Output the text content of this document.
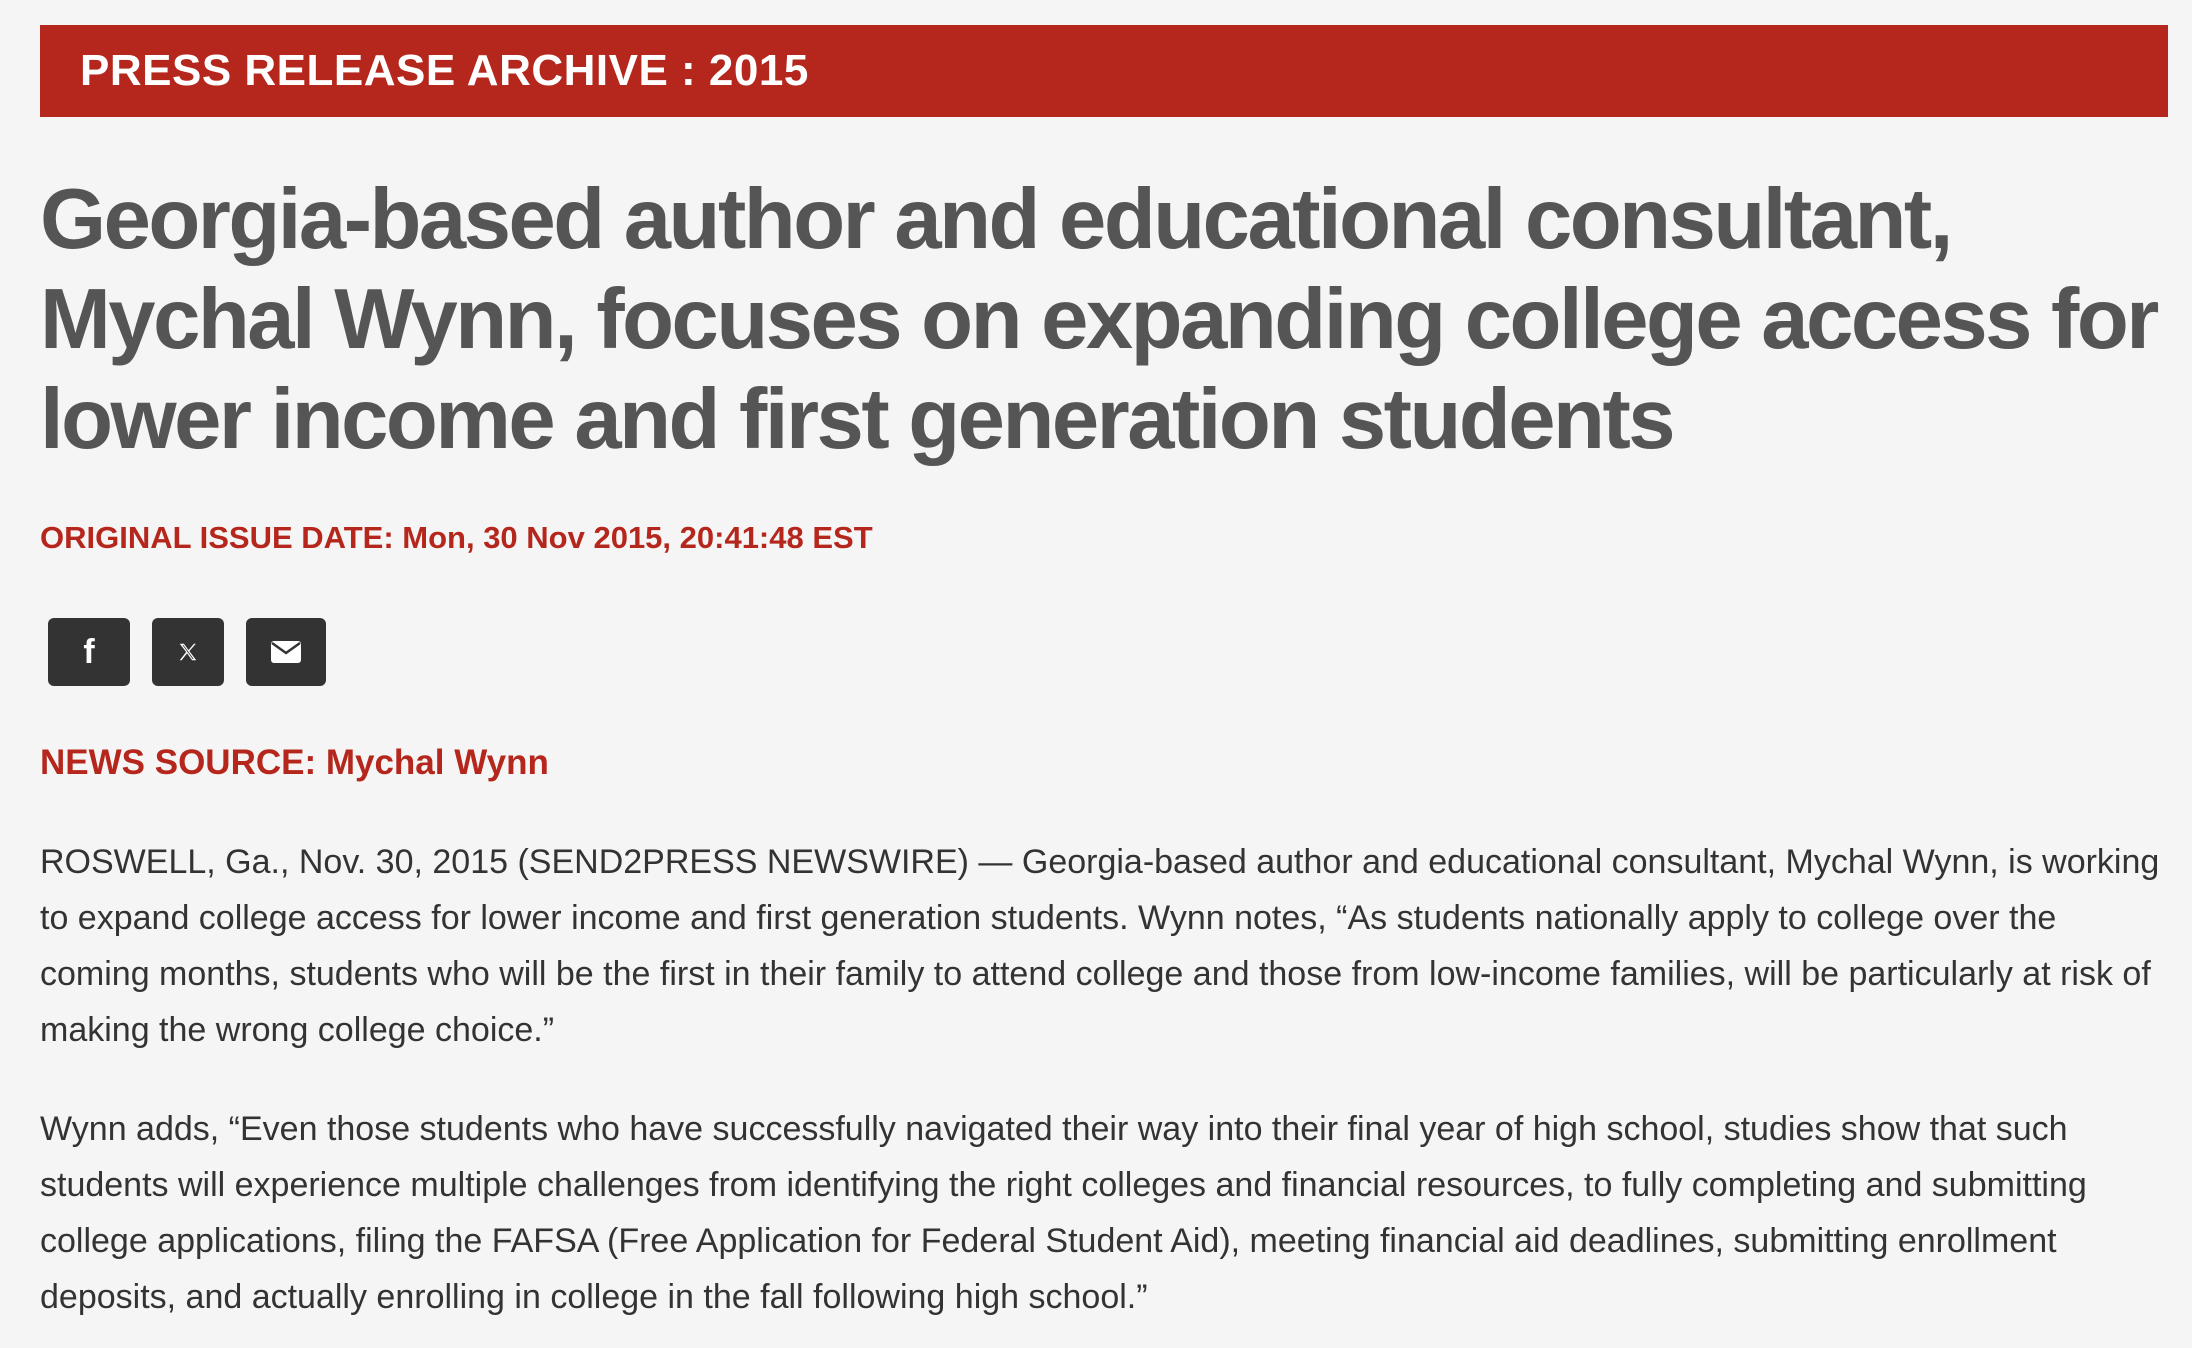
PRESS RELEASE ARCHIVE : 2015
Georgia-based author and educational consultant, Mychal Wynn, focuses on expanding college access for lower income and first generation students

ORIGINAL ISSUE DATE: Mon, 30 Nov 2015, 20:41:48 EST

f

NEWS SOURCE: Mychal Wynn

ROSWELL, Ga., Nov. 30, 2015 (SEND2PRESS NEWSWIRE) — Georgia-based author and educational consultant, Mychal Wynn, is working to expand college access for lower income and first generation students. Wynn notes, “As students nationally apply to college over the coming months, students who will be the first in their family to attend college and those from low-income families, will be particularly at risk of making the wrong college choice.”

Wynn adds, “Even those students who have successfully navigated their way into their final year of high school, studies show that such students will experience multiple challenges from identifying the right colleges and financial resources, to fully completing and submitting college applications, filing the FAFSA (Free Application for Federal Student Aid), meeting financial aid deadlines, submitting enrollment deposits, and actually enrolling in college in the fall following high school.”
